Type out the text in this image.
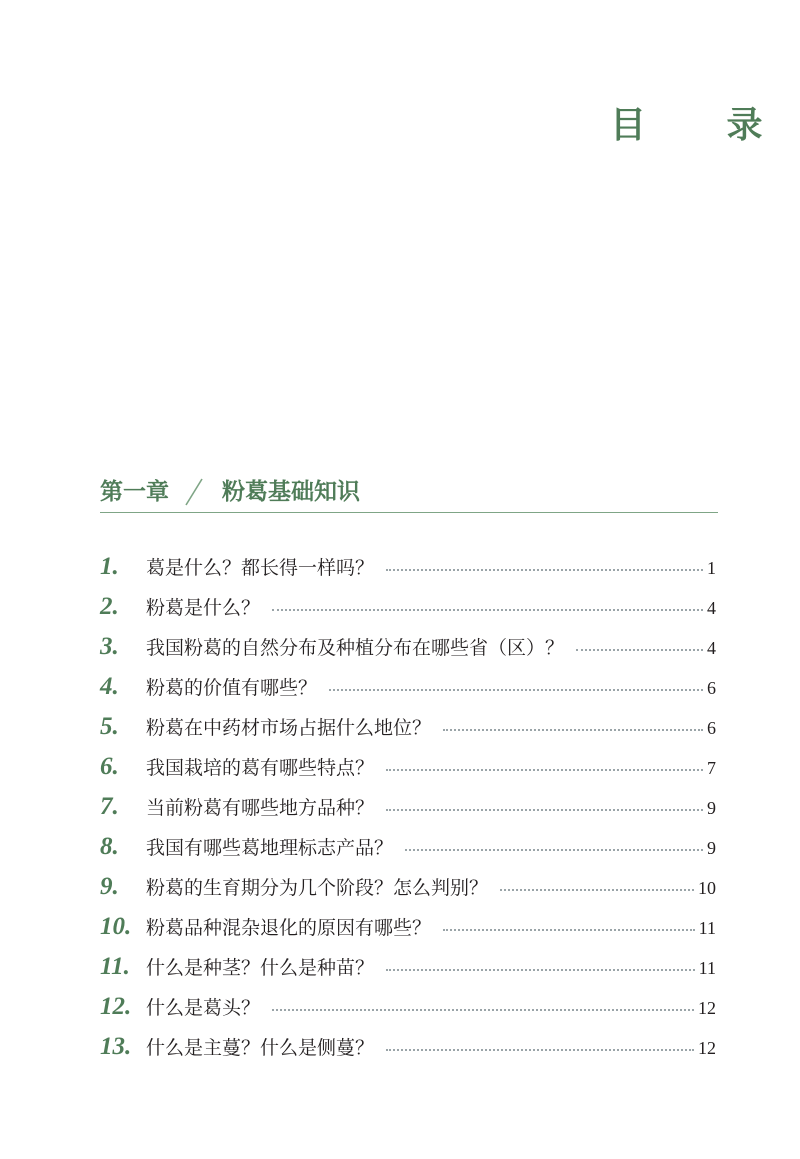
目 录
第一章 粉葛基础知识
1.	葛是什么？都长得一样吗？	1
2.	粉葛是什么？	4
3.	我国粉葛的自然分布及种植分布在哪些省（区）？	4
4.	粉葛的价值有哪些？	6
5.	粉葛在中药材市场占据什么地位？	6
6.	我国栽培的葛有哪些特点？	7
7.	当前粉葛有哪些地方品种？	9
8.	我国有哪些葛地理标志产品？	9
9.	粉葛的生育期分为几个阶段？怎么判别？	10
10. 粉葛品种混杂退化的原因有哪些？	11
11. 什么是种茎？什么是种苗？	11
12. 什么是葛头？	12
13. 什么是主蔓？什么是侧蔓？	12
